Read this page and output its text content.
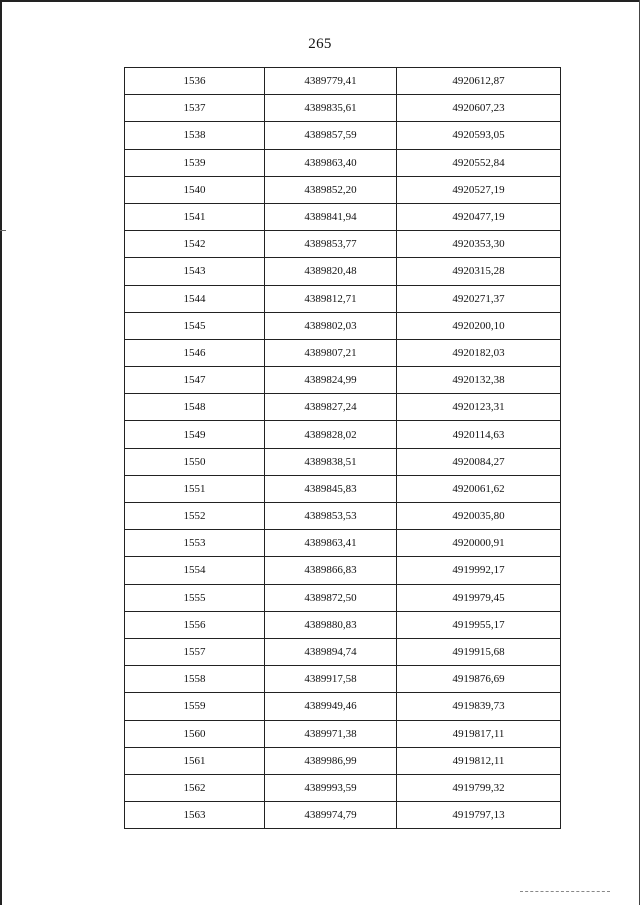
265
1536	4389779,41	4920612,87
1537	4389835,61	4920607,23
1538	4389857,59	4920593,05
1539	4389863,40	4920552,84
1540	4389852,20	4920527,19
1541	4389841,94	4920477,19
1542	4389853,77	4920353,30
1543	4389820,48	4920315,28
1544	4389812,71	4920271,37
1545	4389802,03	4920200,10
1546	4389807,21	4920182,03
1547	4389824,99	4920132,38
1548	4389827,24	4920123,31
1549	4389828,02	4920114,63
1550	4389838,51	4920084,27
1551	4389845,83	4920061,62
1552	4389853,53	4920035,80
1553	4389863,41	4920000,91
1554	4389866,83	4919992,17
1555	4389872,50	4919979,45
1556	4389880,83	4919955,17
1557	4389894,74	4919915,68
1558	4389917,58	4919876,69
1559	4389949,46	4919839,73
1560	4389971,38	4919817,11
1561	4389986,99	4919812,11
1562	4389993,59	4919799,32
1563	4389974,79	4919797,13
